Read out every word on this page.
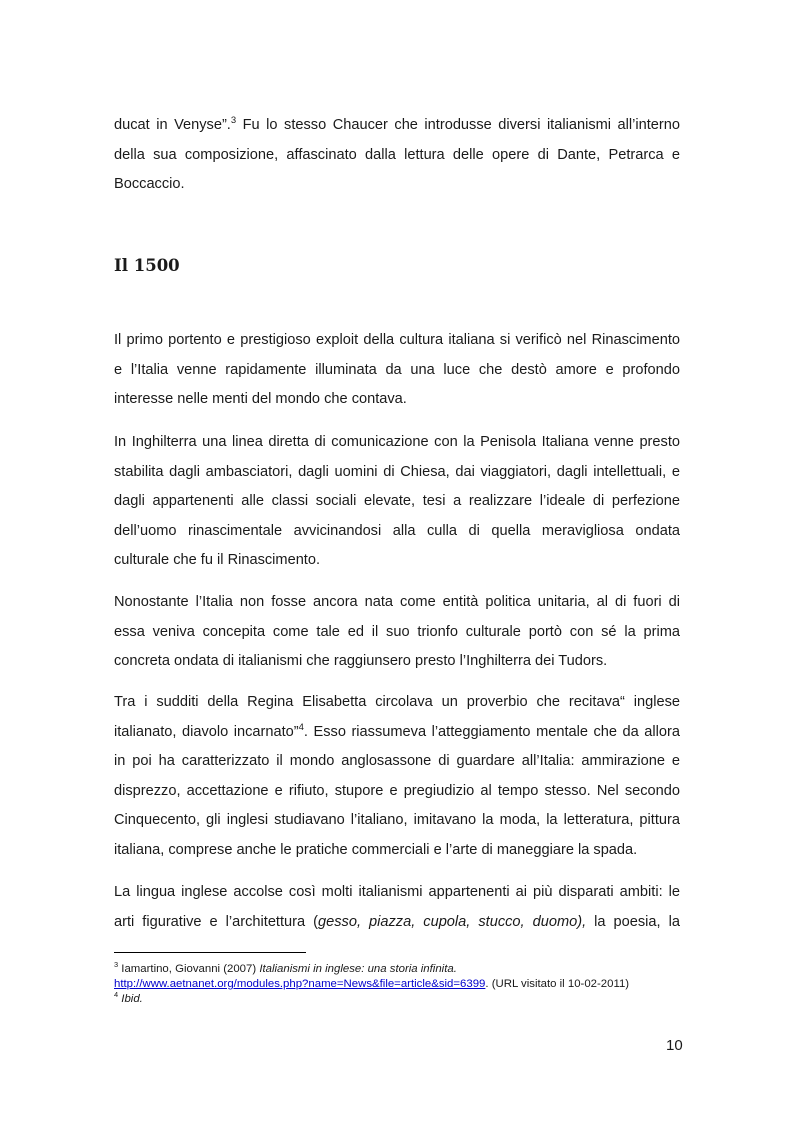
ducat in Venyse”.$^3$ Fu lo stesso Chaucer che introdusse diversi italianismi all’interno
della sua composizione, affascinato dalla lettura delle opere di Dante, Petrarca e
Boccaccio.
Il 1500
Il primo portento e prestigioso exploit della cultura italiana si verificò nel Rinascimento
e l’Italia venne rapidamente illuminata da una luce che destò amore e profondo
interesse nelle menti del mondo che contava.
In Inghilterra una linea diretta di comunicazione con la Penisola Italiana venne presto
stabilita dagli ambasciatori, dagli uomini di Chiesa, dai viaggiatori, dagli intellettuali, e
dagli appartenenti alle classi sociali elevate, tesi a realizzare l’ideale di perfezione
dell’uomo rinascimentale avvicinandosi alla culla di quella meravigliosa ondata
culturale che fu il Rinascimento.
Nonostante l’Italia non fosse ancora nata come entità politica unitaria, al di fuori di
essa veniva concepita come tale ed il suo trionfo culturale portò con sé la prima
concreta ondata di italianismi che raggiunsero presto l’Inghilterra dei Tudors.
Tra i sudditi della Regina Elisabetta circolava un proverbio che recitava“ inglese
italianato, diavolo incarnato”$^4$. Esso riassumeva l’atteggiamento mentale che da allora
in poi ha caratterizzato il mondo anglosassone di guardare all’Italia: ammirazione e
disprezzo, accettazione e rifiuto, stupore e pregiudizio al tempo stesso. Nel secondo
Cinquecento, gli inglesi studiavano l’italiano, imitavano la moda, la letteratura, pittura
italiana, comprese anche le pratiche commerciali e l’arte di maneggiare la spada.
La lingua inglese accolse così molti italianismi appartenenti ai più disparati ambiti: le
arti figurative e l’architettura (gesso, piazza, cupola, stucco, duomo), la poesia, la
$^3$ Iamartino, Giovanni (2007) Italianismi in inglese: una storia infinita.
http://www.aetnanet.org/modules.php?name=News&file=article&sid=6399. (URL visitato il 10-02-2011)
$^4$ Ibid.
10
